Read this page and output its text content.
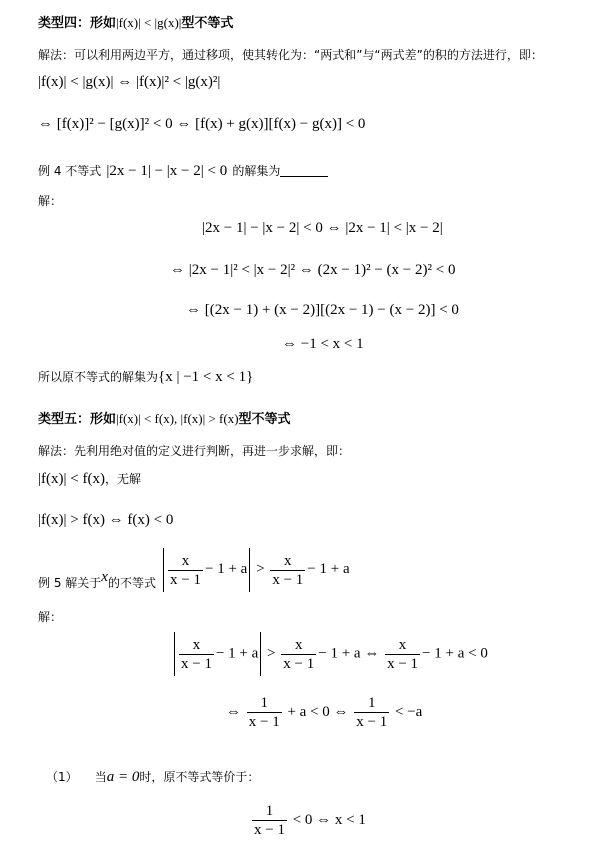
类型四：形如|f(x)| < |g(x)|型不等式
解法：可以利用两边平方，通过移项，使其转化为：“两式和”与“两式差”的积的方法进行，即：
|f(x)| < |g(x)| ⇔ |f(x)|² < |g(x)²|
⇔ [f(x)]² − [g(x)]² < 0 ⇔ [f(x) + g(x)][f(x) − g(x)] < 0
例 4 不等式 |2x − 1| − |x − 2| < 0 的解集为
解：
|2x − 1| − |x − 2| < 0 ⇔ |2x − 1| < |x − 2|
⇔ |2x − 1|² < |x − 2|² ⇔ (2x − 1)² − (x − 2)² < 0
⇔ [(2x − 1) + (x − 2)][(2x − 1) − (x − 2)] < 0
⇔ −1 < x < 1
所以原不等式的解集为{x | −1 < x < 1}
类型五：形如|f(x)| < f(x), |f(x)| > f(x)型不等式
解法：先利用绝对值的定义进行判断，再进一步求解，即：
|f(x)| < f(x)，无解
|f(x)| > f(x) ⇔ f(x) < 0
例 5 解关于x的不等式 $\frac{x}{x - 1} - 1 + a > \frac{x}{x - 1} - 1 + a$
解：
$\frac{x}{x - 1} - 1 + a > \frac{x}{x - 1} - 1 + a$ ⇔ $\frac{x}{x - 1} - 1 + a < 0$
⇔ $\frac{1}{x - 1} + a < 0$ ⇔ $\frac{1}{x - 1} < -a$
（1） 当a = 0时，原不等式等价于：
$\frac{1}{x - 1} < 0$ ⇔ x < 1
